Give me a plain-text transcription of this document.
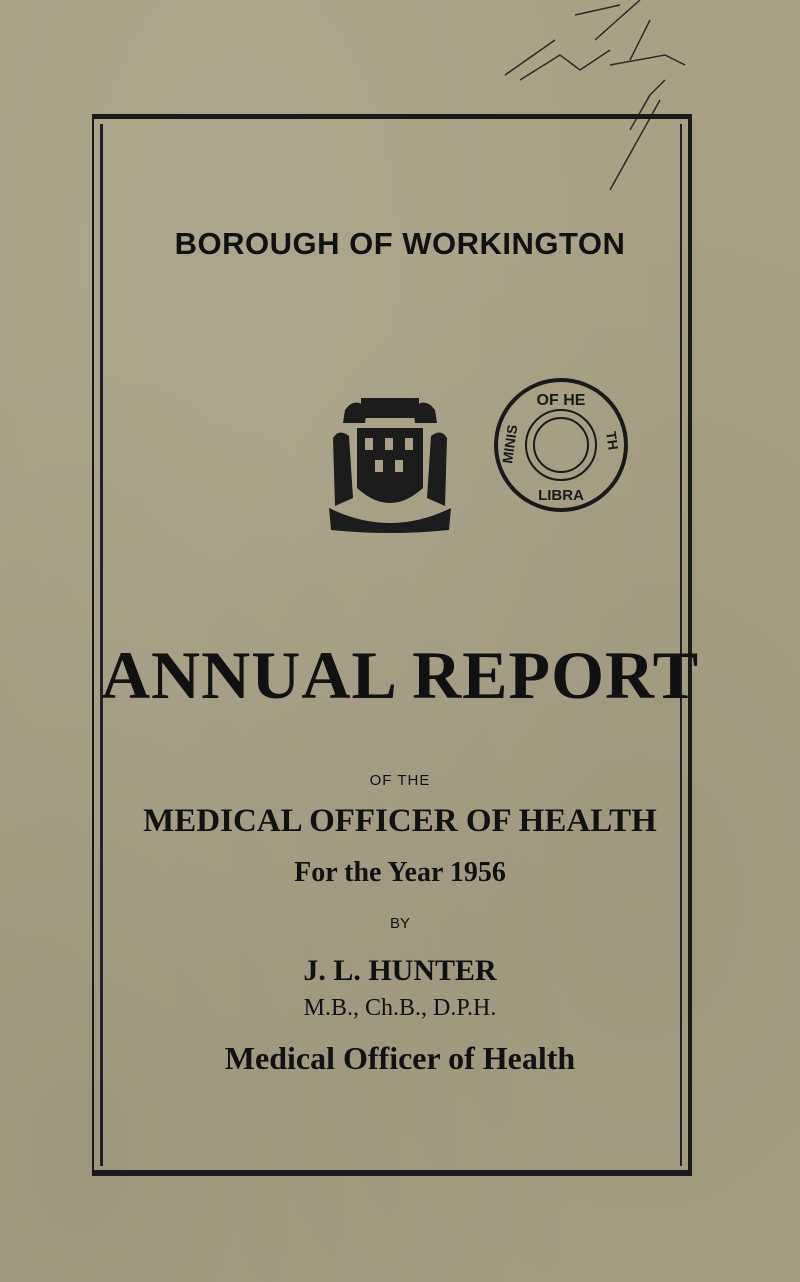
BOROUGH OF WORKINGTON
OF HE
MINIS	TH
LIBRA
ANNUAL REPORT
OF THE
MEDICAL OFFICER OF HEALTH
For the Year 1956
BY
J. L. HUNTER
M.B., Ch.B., D.P.H.
Medical Officer of Health
